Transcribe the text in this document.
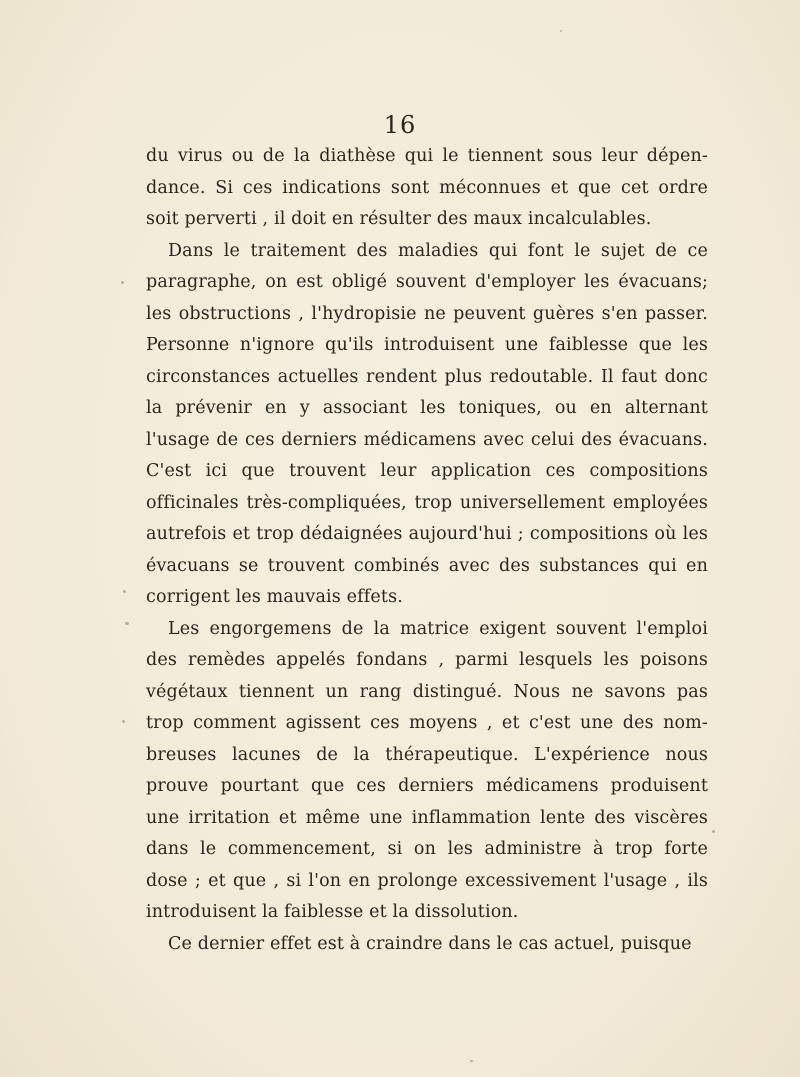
16
du virus ou de la diathèse qui le tiennent sous leur dépen-
dance. Si ces indications sont méconnues et que cet ordre
soit perverti , il doit en résulter des maux incalculables.
Dans le traitement des maladies qui font le sujet de ce
paragraphe, on est obligé souvent d'employer les évacuans;
les obstructions , l'hydropisie ne peuvent guères s'en passer.
Personne n'ignore qu'ils introduisent une faiblesse que les
circonstances actuelles rendent plus redoutable. Il faut donc
la prévenir en y associant les toniques, ou en alternant
l'usage de ces derniers médicamens avec celui des évacuans.
C'est ici que trouvent leur application ces compositions
officinales très-compliquées, trop universellement employées
autrefois et trop dédaignées aujourd'hui ; compositions où les
évacuans se trouvent combinés avec des substances qui en
corrigent les mauvais effets.
Les engorgemens de la matrice exigent souvent l'emploi
des remèdes appelés fondans , parmi lesquels les poisons
végétaux tiennent un rang distingué. Nous ne savons pas
trop comment agissent ces moyens , et c'est une des nom-
breuses lacunes de la thérapeutique. L'expérience nous
prouve pourtant que ces derniers médicamens produisent
une irritation et même une inflammation lente des viscères
dans le commencement, si on les administre à trop forte
dose ; et que , si l'on en prolonge excessivement l'usage , ils
introduisent la faiblesse et la dissolution.
Ce dernier effet est à craindre dans le cas actuel, puisque
